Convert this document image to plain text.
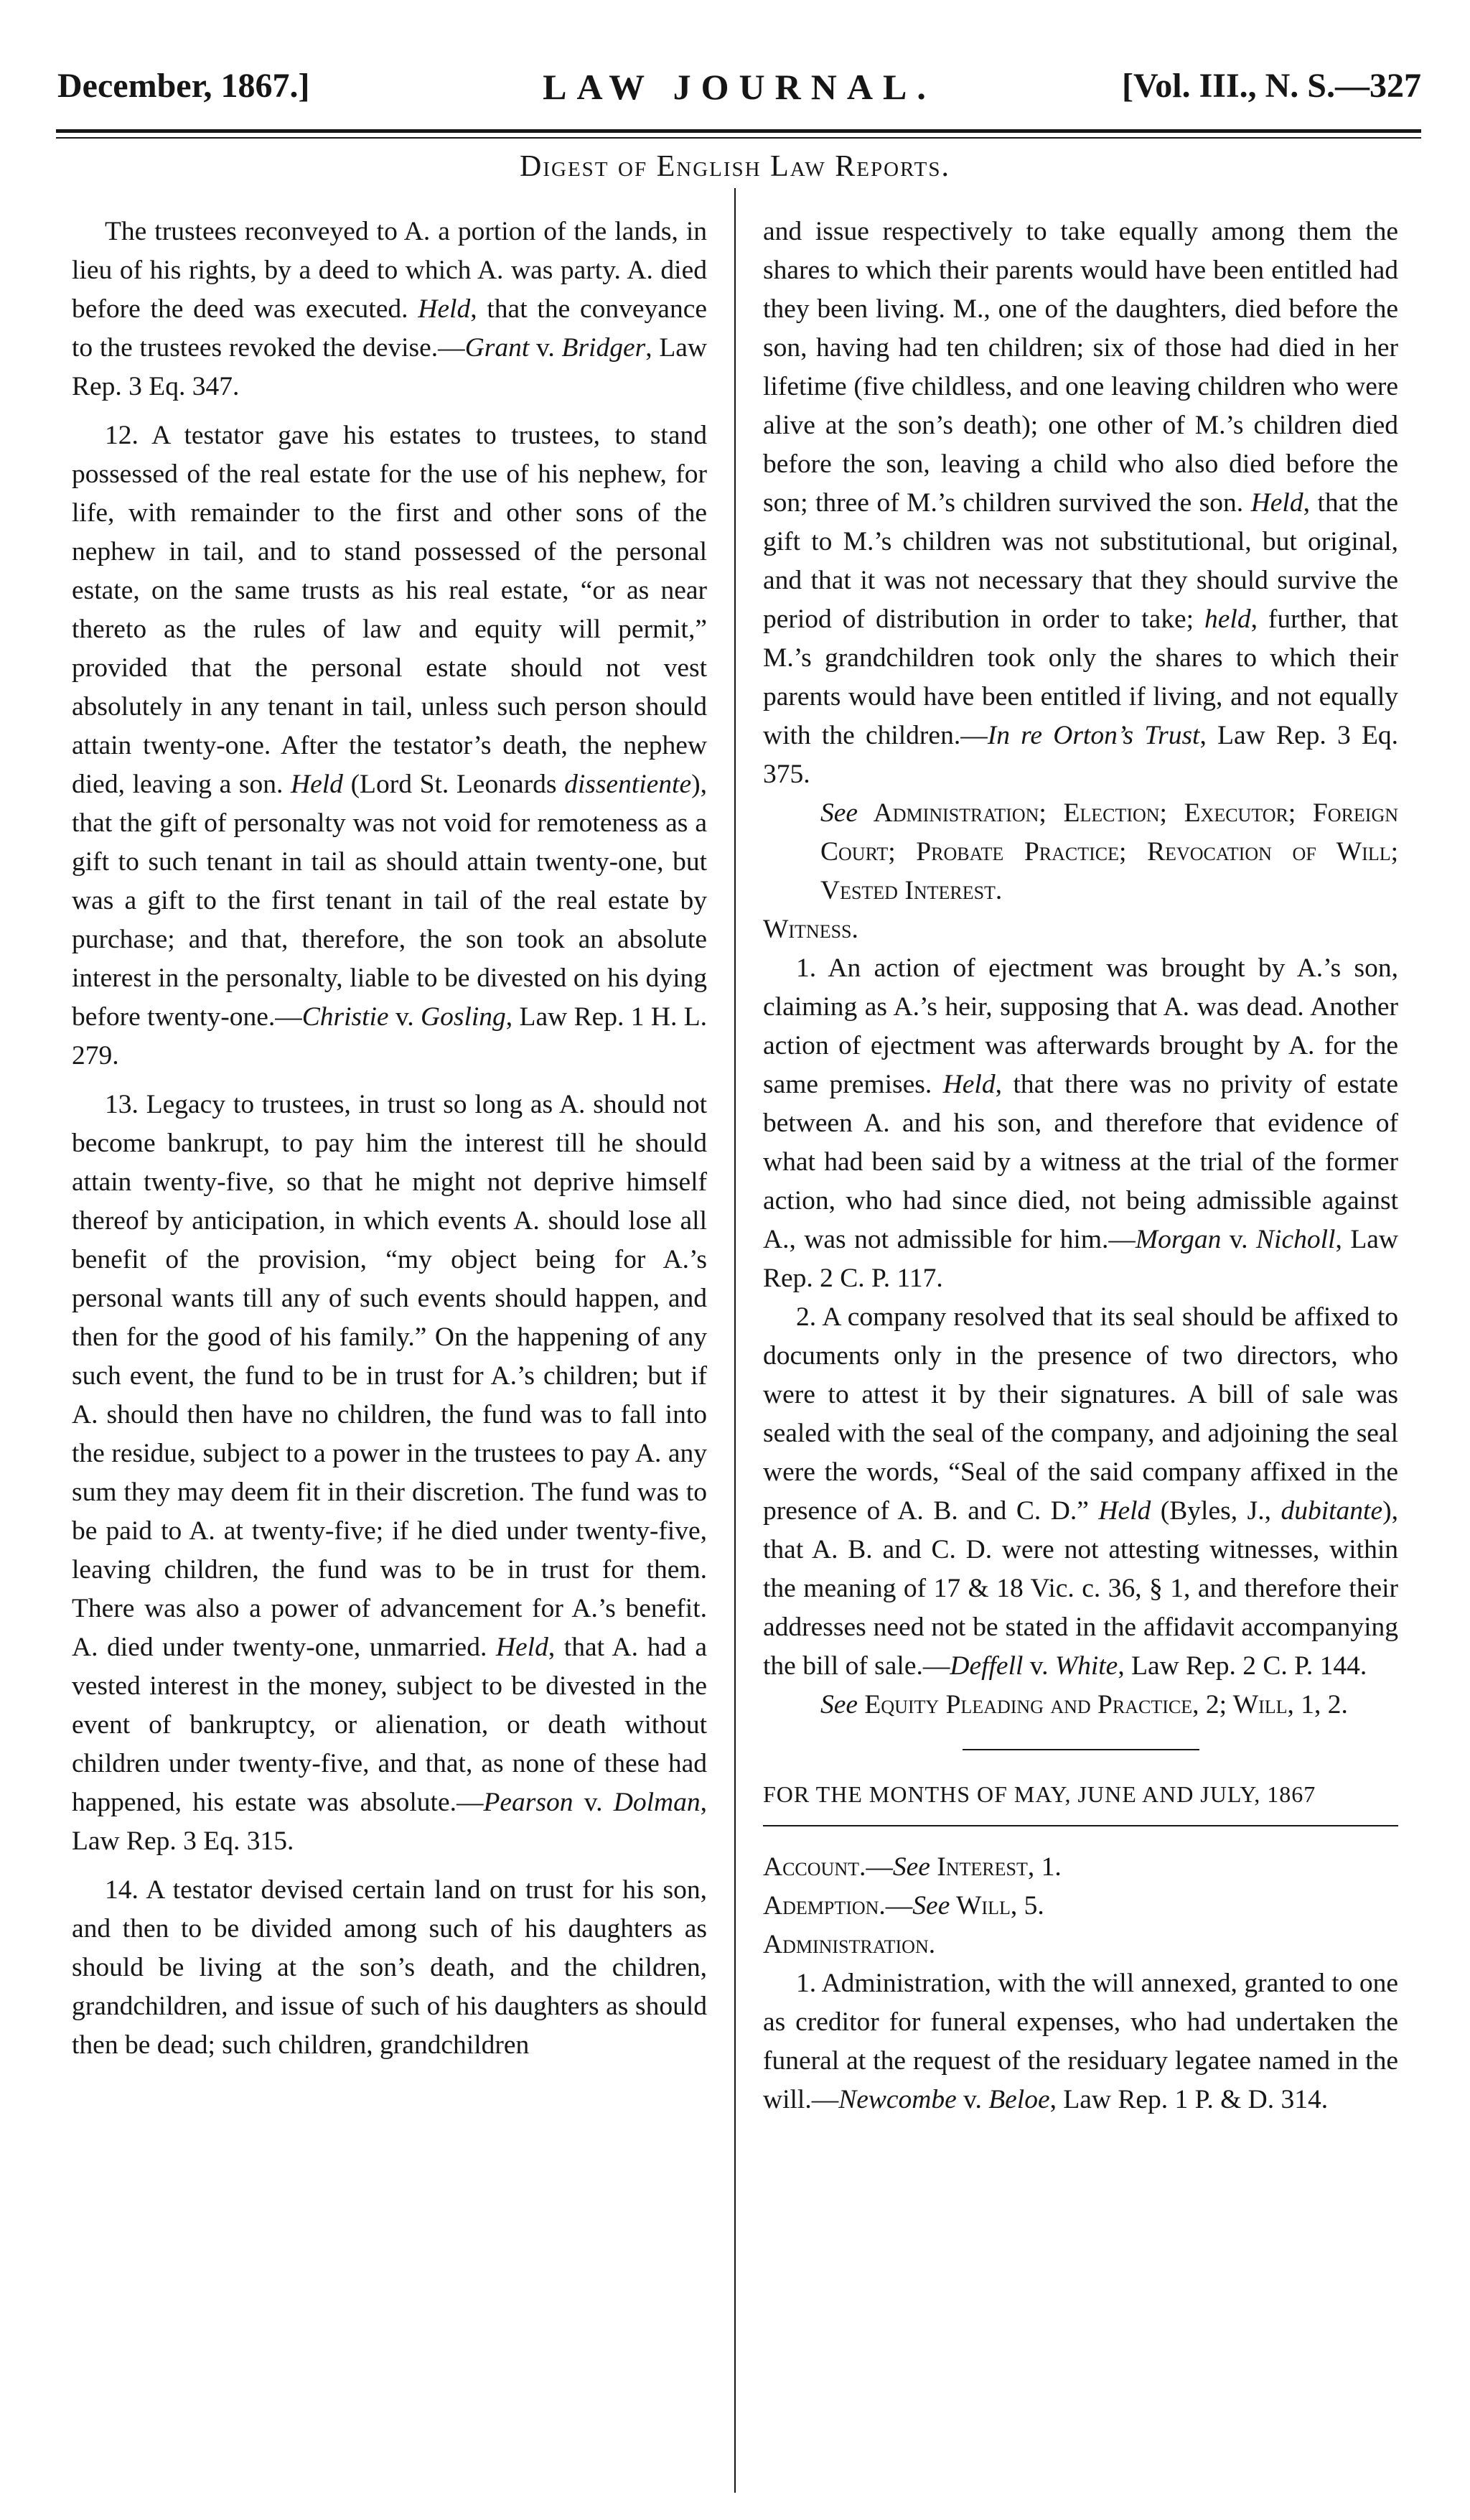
December, 1867.]	LAW JOURNAL.	[Vol. III., N. S.—327
Digest of English Law Reports.

The trustees reconveyed to A. a portion of the lands, in lieu of his rights, by a deed to which A. was party. A. died before the deed was executed. Held, that the conveyance to the trustees revoked the devise.—Grant v. Bridger, Law Rep. 3 Eq. 347.

12. A testator gave his estates to trustees, to stand possessed of the real estate for the use of his nephew, for life, with remainder to the first and other sons of the nephew in tail, and to stand possessed of the personal estate, on the same trusts as his real estate, “or as near thereto as the rules of law and equity will permit,” provided that the personal estate should not vest absolutely in any tenant in tail, unless such person should attain twenty-one. After the testator’s death, the nephew died, leaving a son. Held (Lord St. Leonards dissentiente), that the gift of personalty was not void for remoteness as a gift to such tenant in tail as should attain twenty-one, but was a gift to the first tenant in tail of the real estate by purchase; and that, therefore, the son took an absolute interest in the personalty, liable to be divested on his dying before twenty-one.—Christie v. Gosling, Law Rep. 1 H. L. 279.

13. Legacy to trustees, in trust so long as A. should not become bankrupt, to pay him the interest till he should attain twenty-five, so that he might not deprive himself thereof by anticipation, in which events A. should lose all benefit of the provision, “my object being for A.’s personal wants till any of such events should happen, and then for the good of his family.” On the happening of any such event, the fund to be in trust for A.’s children; but if A. should then have no children, the fund was to fall into the residue, subject to a power in the trustees to pay A. any sum they may deem fit in their discretion. The fund was to be paid to A. at twenty-five; if he died under twenty-five, leaving children, the fund was to be in trust for them. There was also a power of advancement for A.’s benefit. A. died under twenty-one, unmarried. Held, that A. had a vested interest in the money, subject to be divested in the event of bankruptcy, or alienation, or death without children under twenty-five, and that, as none of these had happened, his estate was absolute.—Pearson v. Dolman, Law Rep. 3 Eq. 315.

14. A testator devised certain land on trust for his son, and then to be divided among such of his daughters as should be living at the son’s death, and the children, grandchildren, and issue of such of his daughters as should then be dead; such children, grandchildren

and issue respectively to take equally among them the shares to which their parents would have been entitled had they been living. M., one of the daughters, died before the son, having had ten children; six of those had died in her lifetime (five childless, and one leaving children who were alive at the son’s death); one other of M.’s children died before the son, leaving a child who also died before the son; three of M.’s children survived the son. Held, that the gift to M.’s children was not substitutional, but original, and that it was not necessary that they should survive the period of distribution in order to take; held, further, that M.’s grandchildren took only the shares to which their parents would have been entitled if living, and not equally with the children.—In re Orton’s Trust, Law Rep. 3 Eq. 375.

See Administration; Election; Executor; Foreign Court; Probate Practice; Revocation of Will; Vested Interest.

Witness.

1. An action of ejectment was brought by A.’s son, claiming as A.’s heir, supposing that A. was dead. Another action of ejectment was afterwards brought by A. for the same premises. Held, that there was no privity of estate between A. and his son, and therefore that evidence of what had been said by a witness at the trial of the former action, who had since died, not being admissible against A., was not admissible for him.—Morgan v. Nicholl, Law Rep. 2 C. P. 117.

2. A company resolved that its seal should be affixed to documents only in the presence of two directors, who were to attest it by their signatures. A bill of sale was sealed with the seal of the company, and adjoining the seal were the words, “Seal of the said company affixed in the presence of A. B. and C. D.” Held (Byles, J., dubitante), that A. B. and C. D. were not attesting witnesses, within the meaning of 17 & 18 Vic. c. 36, § 1, and therefore their addresses need not be stated in the affidavit accompanying the bill of sale.—Deffell v. White, Law Rep. 2 C. P. 144.

See Equity Pleading and Practice, 2; Will, 1, 2.

FOR THE MONTHS OF MAY, JUNE AND JULY, 1867

Account.—See Interest, 1.

Ademption.—See Will, 5.

Administration.

1. Administration, with the will annexed, granted to one as creditor for funeral expenses, who had undertaken the funeral at the request of the residuary legatee named in the will.—Newcombe v. Beloe, Law Rep. 1 P. & D. 314.
